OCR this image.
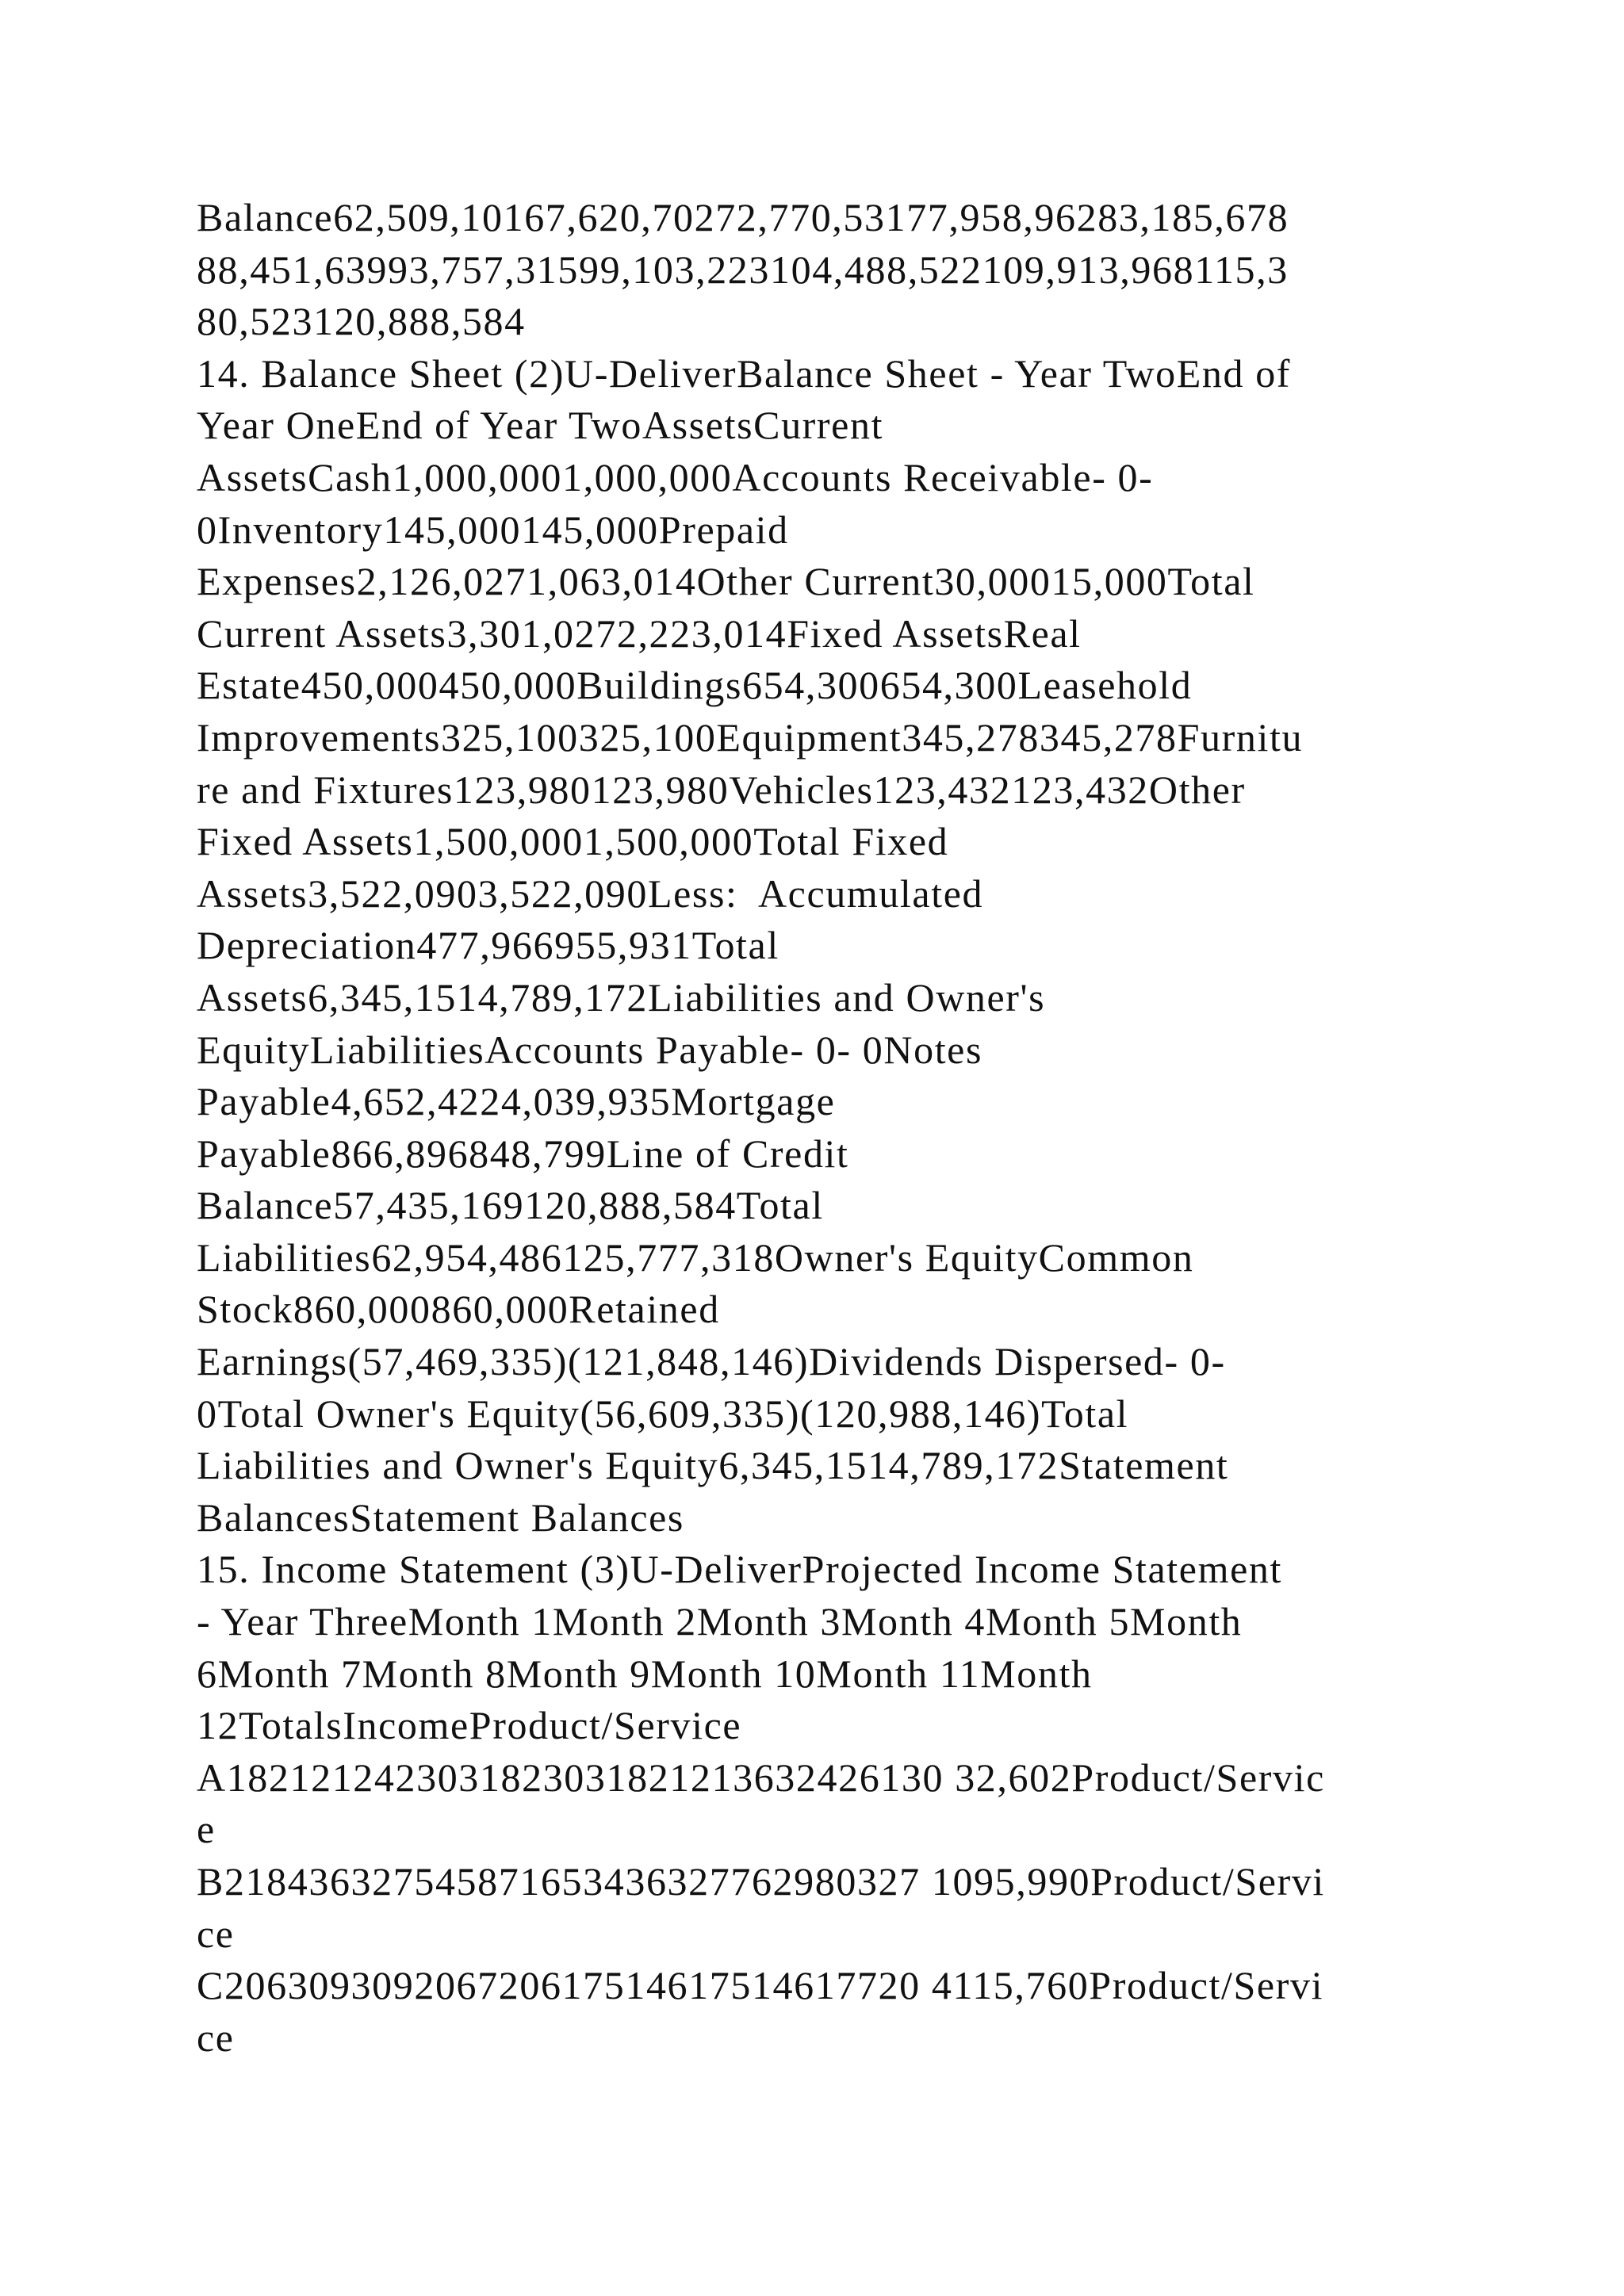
Balance62,509,10167,620,70272,770,53177,958,96283,185,678
88,451,63993,757,31599,103,223104,488,522109,913,968115,3
80,523120,888,584
14. Balance Sheet (2)U-DeliverBalance Sheet - Year TwoEnd of
Year OneEnd of Year TwoAssetsCurrent
AssetsCash1,000,0001,000,000Accounts Receivable- 0-
0Inventory145,000145,000Prepaid
Expenses2,126,0271,063,014Other Current30,00015,000Total
Current Assets3,301,0272,223,014Fixed AssetsReal
Estate450,000450,000Buildings654,300654,300Leasehold
Improvements325,100325,100Equipment345,278345,278Furnitu
re and Fixtures123,980123,980Vehicles123,432123,432Other
Fixed Assets1,500,0001,500,000Total Fixed
Assets3,522,0903,522,090Less:  Accumulated
Depreciation477,966955,931Total
Assets6,345,1514,789,172Liabilities and Owner's
EquityLiabilitiesAccounts Payable- 0- 0Notes
Payable4,652,4224,039,935Mortgage
Payable866,896848,799Line of Credit
Balance57,435,169120,888,584Total
Liabilities62,954,486125,777,318Owner's EquityCommon
Stock860,000860,000Retained
Earnings(57,469,335)(121,848,146)Dividends Dispersed- 0-
0Total Owner's Equity(56,609,335)(120,988,146)Total
Liabilities and Owner's Equity6,345,1514,789,172Statement
BalancesStatement Balances
15. Income Statement (3)U-DeliverProjected Income Statement
- Year ThreeMonth 1Month 2Month 3Month 4Month 5Month
6Month 7Month 8Month 9Month 10Month 11Month
12TotalsIncomeProduct/Service
A1821212423031823031821213632426130 32,602Product/Servic
e
B218436327545871653436327762980327 1095,990Product/Servi
ce
C206309309206720617514617514617720 4115,760Product/Servi
ce
